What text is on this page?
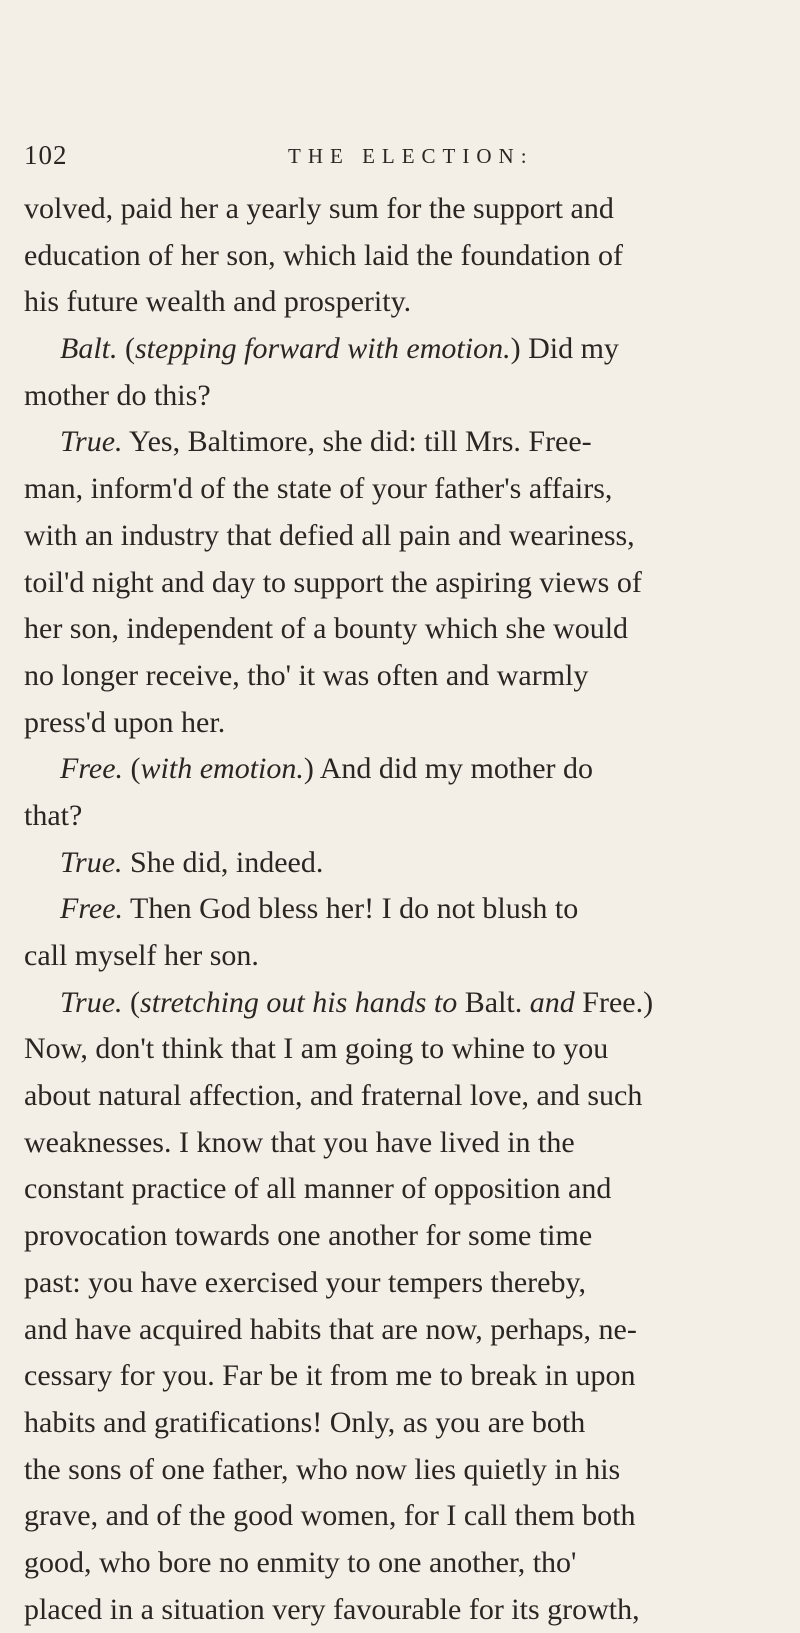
102	THE ELECTION:
volved, paid her a yearly sum for the support and
education of her son, which laid the foundation of
his future wealth and prosperity.
Balt. (stepping forward with emotion.) Did my
mother do this?
True. Yes, Baltimore, she did: till Mrs. Free-
man, inform'd of the state of your father's affairs,
with an industry that defied all pain and weariness,
toil'd night and day to support the aspiring views of
her son, independent of a bounty which she would
no longer receive, tho' it was often and warmly
press'd upon her.
Free. (with emotion.) And did my mother do
that?
True. She did, indeed.
Free. Then God bless her! I do not blush to
call myself her son.
True. (stretching out his hands to Balt. and Free.)
Now, don't think that I am going to whine to you
about natural affection, and fraternal love, and such
weaknesses. I know that you have lived in the
constant practice of all manner of opposition and
provocation towards one another for some time
past: you have exercised your tempers thereby,
and have acquired habits that are now, perhaps, ne-
cessary for you. Far be it from me to break in upon
habits and gratifications! Only, as you are both
the sons of one father, who now lies quietly in his
grave, and of the good women, for I call them both
good, who bore no enmity to one another, tho'
placed in a situation very favourable for its growth,
